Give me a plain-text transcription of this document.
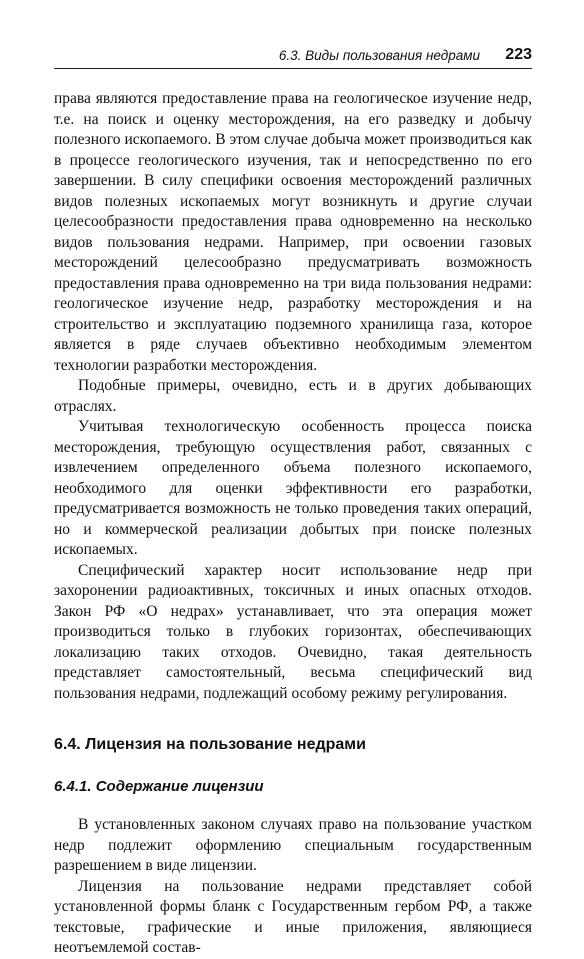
6.3. Виды пользования недрами 223

права являются предоставление права на геологическое изучение недр, т.е. на поиск и оценку месторождения, на его разведку и добычу полезного ископаемого. В этом случае добыча может производиться как в процессе геологического изучения, так и непосредственно по его завершении. В силу специфики освоения месторождений различных видов полезных ископаемых могут возникнуть и другие случаи целесообразности предоставления права одновременно на несколько видов пользования недрами. Например, при освоении газовых месторождений целесообразно предусматривать возможность предоставления права одновременно на три вида пользования недрами: геологическое изучение недр, разработку месторождения и на строительство и эксплуатацию подземного хранилища газа, которое является в ряде случаев объективно необходимым элементом технологии разработки месторождения.

Подобные примеры, очевидно, есть и в других добывающих отраслях.

Учитывая технологическую особенность процесса поиска месторождения, требующую осуществления работ, связанных с извлечением определенного объема полезного ископаемого, необходимого для оценки эффективности его разработки, предусматривается возможность не только проведения таких операций, но и коммерческой реализации добытых при поиске полезных ископаемых.

Специфический характер носит использование недр при захоронении радиоактивных, токсичных и иных опасных отходов. Закон РФ «О недрах» устанавливает, что эта операция может производиться только в глубоких горизонтах, обеспечивающих локализацию таких отходов. Очевидно, такая деятельность представляет самостоятельный, весьма специфический вид пользования недрами, подлежащий особому режиму регулирования.

6.4. Лицензия на пользование недрами
6.4.1. Содержание лицензии

В установленных законом случаях право на пользование участком недр подлежит оформлению специальным государственным разрешением в виде лицензии.

Лицензия на пользование недрами представляет собой установленной формы бланк с Государственным гербом РФ, а также текстовые, графические и иные приложения, являющиеся неотъемлемой состав-
